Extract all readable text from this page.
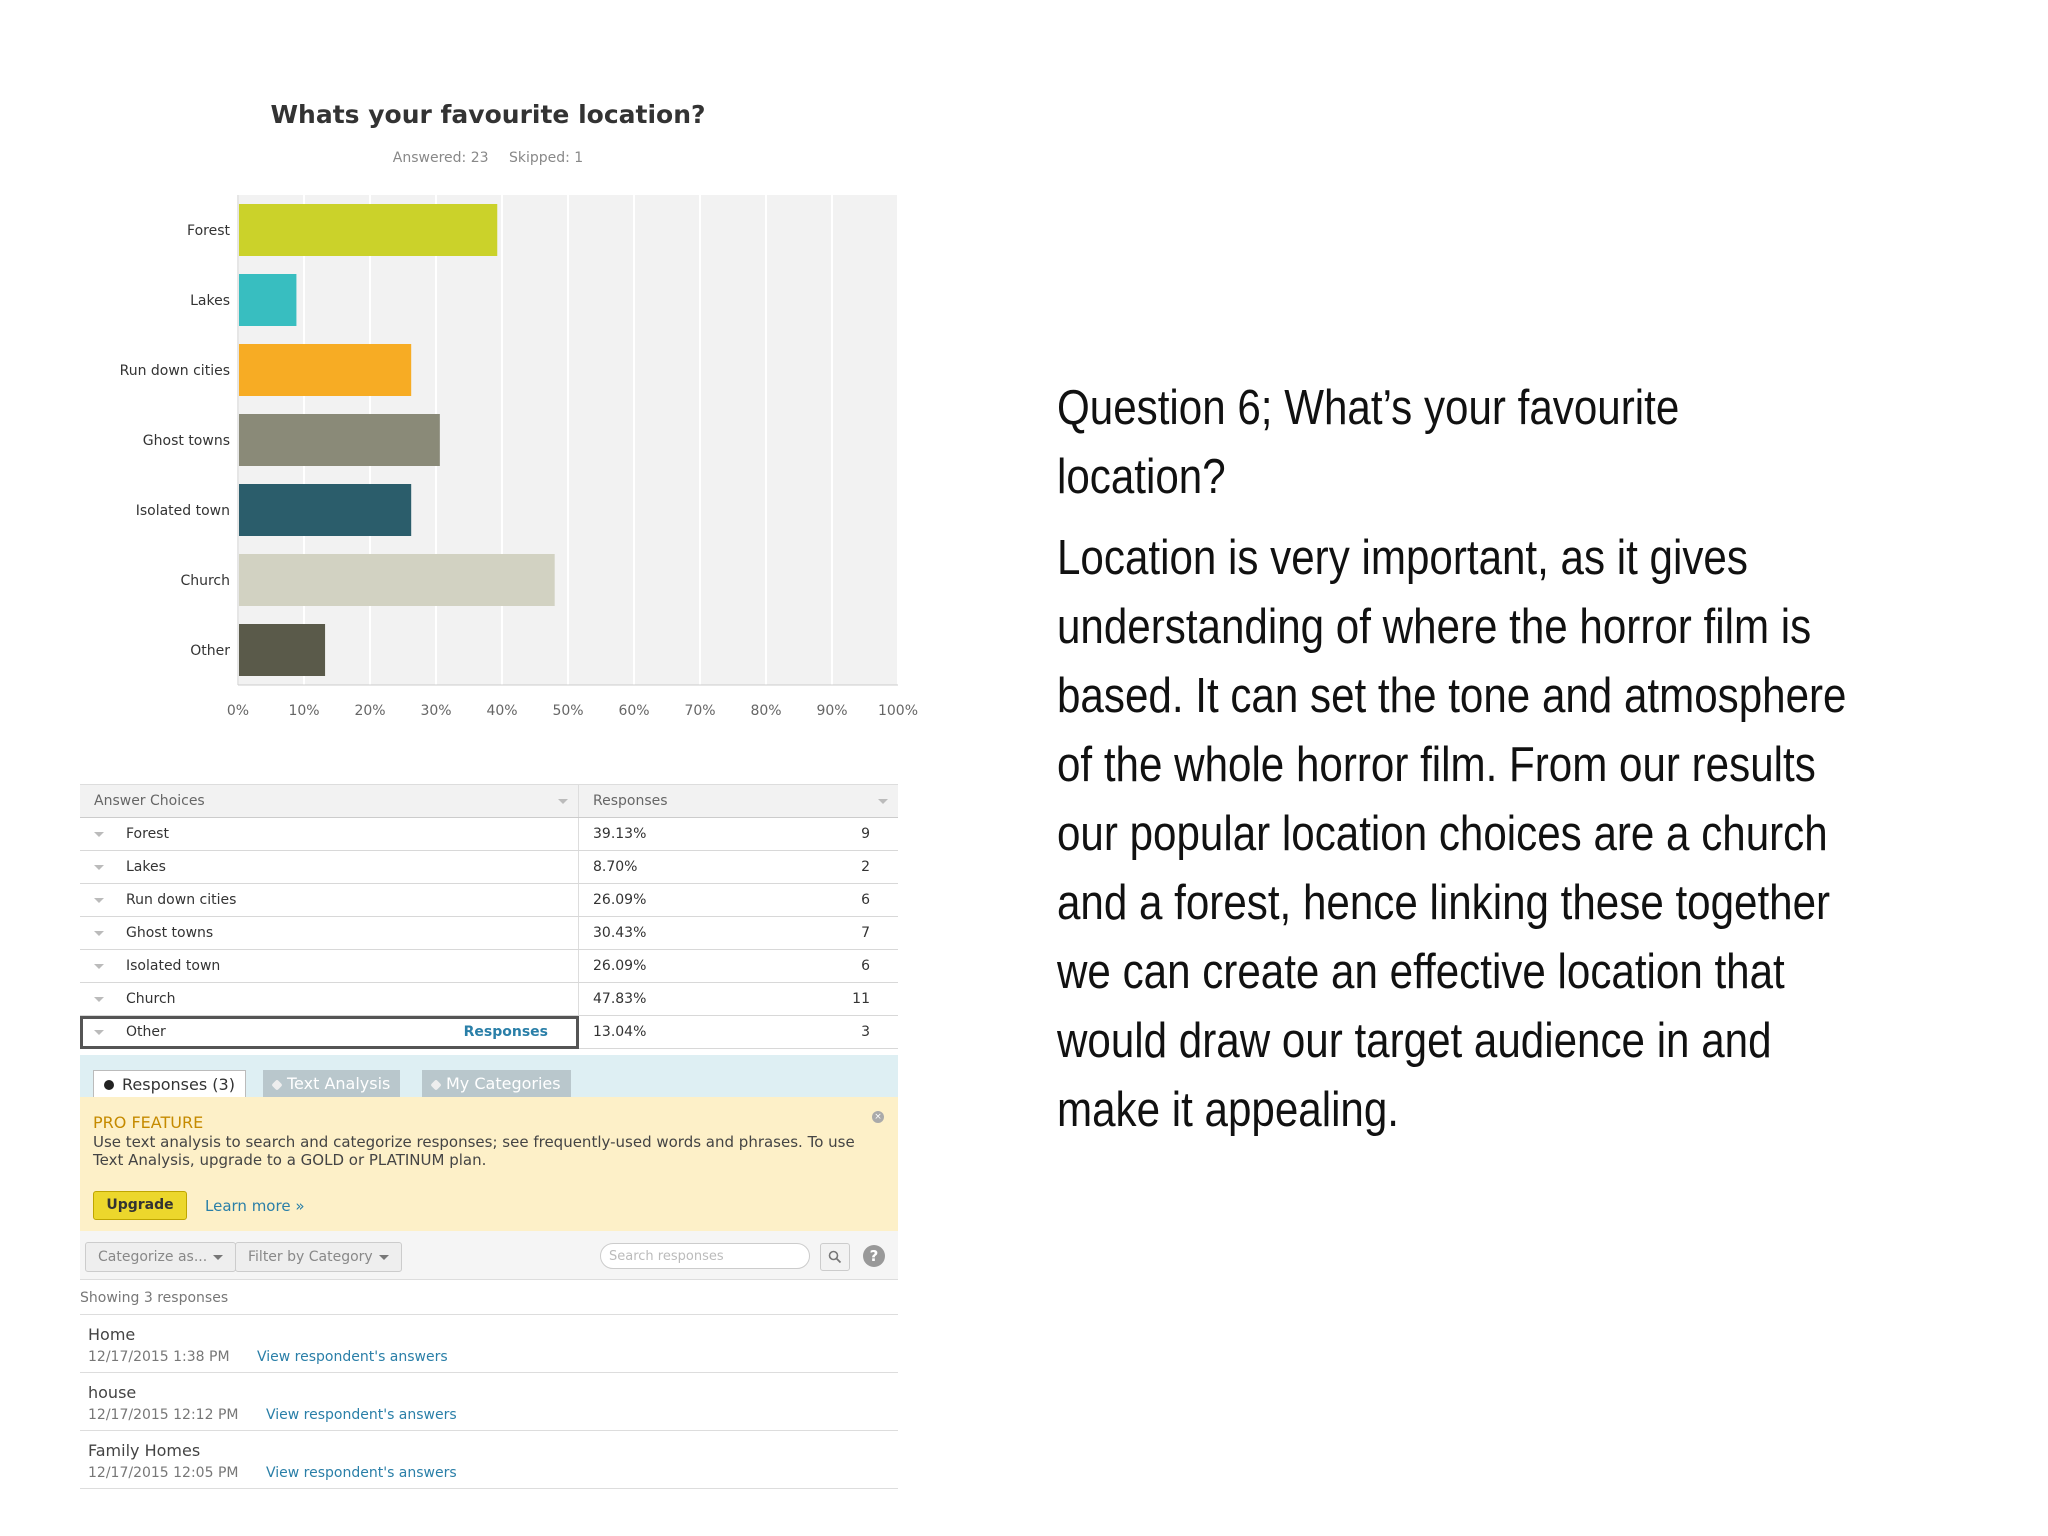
Whats your favourite location?
Answered: 23 Skipped: 1
0%	10% 20% 30% 40% 50% 60% 70% 80% 90% 100%
Forest
Lakes
Run down cities
Ghost towns
Isolated town
Church
Other
Answer Choices	Responses	

Forest	39.13%	9
Lakes	8.70%	2
Run down cities	26.09%	6
Ghost towns	30.43%	7
Isolated town	26.09%	6
Church	47.83%	11
Other Responses	13.04%	3
Responses (3)	Text Analysis	My Categories
PRO FEATURE	×
Use text analysis to search and categorize responses; see frequently-used words and phrases. To use Text Analysis, upgrade to a GOLD or PLATINUM plan.
Upgrade	Learn more »
Categorize as...	Filter by Category	Search responses	?
Showing 3 responses
Home
12/17/2015 1:38 PM View respondent's answers
house
12/17/2015 12:12 PM View respondent's answers
Family Homes
12/17/2015 12:05 PM View respondent's answers

Question 6; What’s your favourite location?

Location is very important, as it gives understanding of where the horror film is based. It can set the tone and atmosphere of the whole horror film. From our results our popular location choices are a church and a forest, hence linking these together we can create an effective location that would draw our target audience in and make it appealing.
